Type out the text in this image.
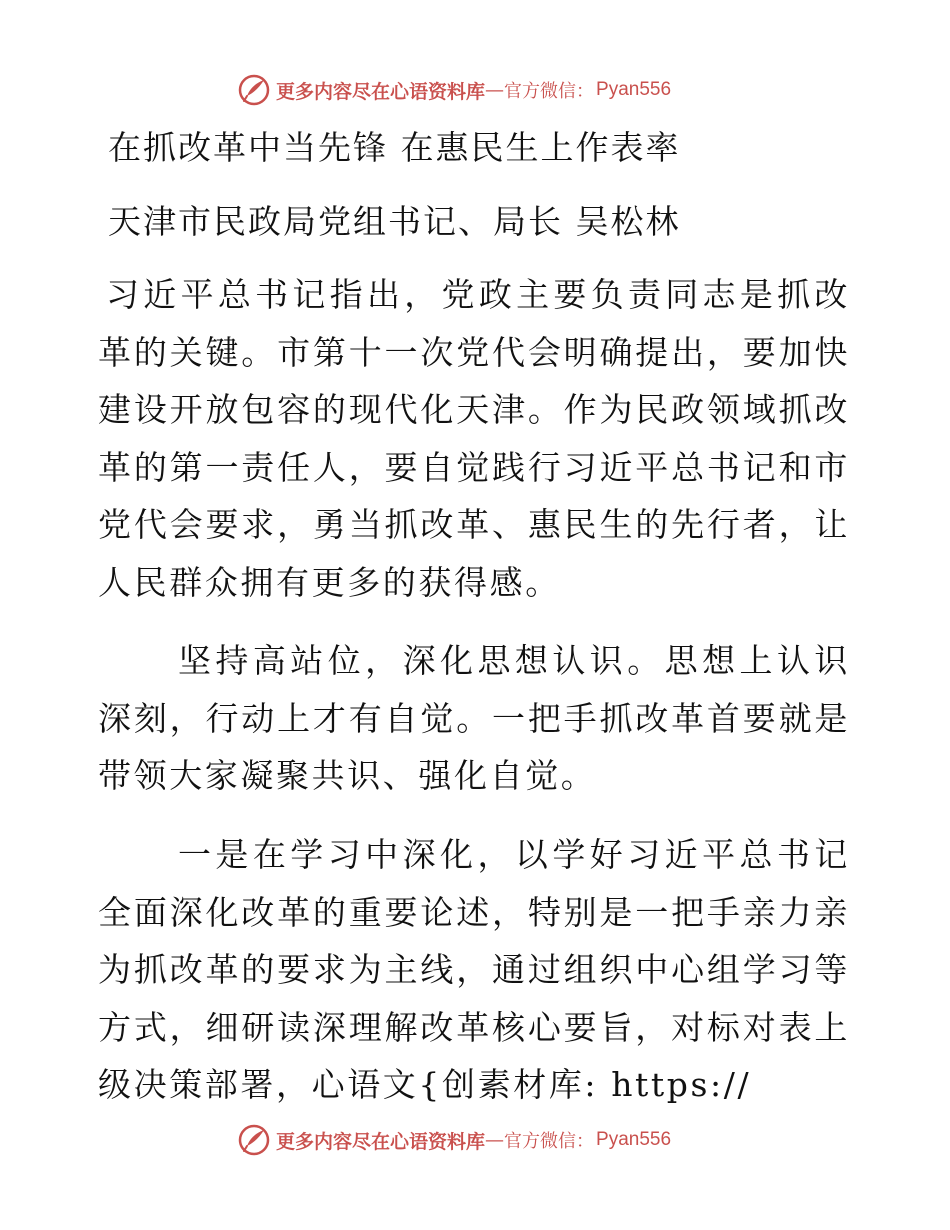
更多内容尽在心语资料库 — 官方微信： Pyan556
在抓改革中当先锋 在惠民生上作表率

天津市民政局党组书记、局长 吴松林

习近平总书记指出，党政主要负责同志是抓改革的关键。市第十一次党代会明确提出，要加快建设开放包容的现代化天津。作为民政领域抓改革的第一责任人，要自觉践行习近平总书记和市党代会要求，勇当抓改革、惠民生的先行者，让人民群众拥有更多的获得感。

坚持高站位，深化思想认识。思想上认识深刻，行动上才有自觉。一把手抓改革首要就是带领大家凝聚共识、强化自觉。

一是在学习中深化，以学好习近平总书记全面深化改革的重要论述，特别是一把手亲力亲为抓改革的要求为主线，通过组织中心组学习等方式，细研读深理解改革核心要旨，对标对表上级决策部署，心语文{创素材库: https://

更多内容尽在心语资料库 — 官方微信： Pyan556
